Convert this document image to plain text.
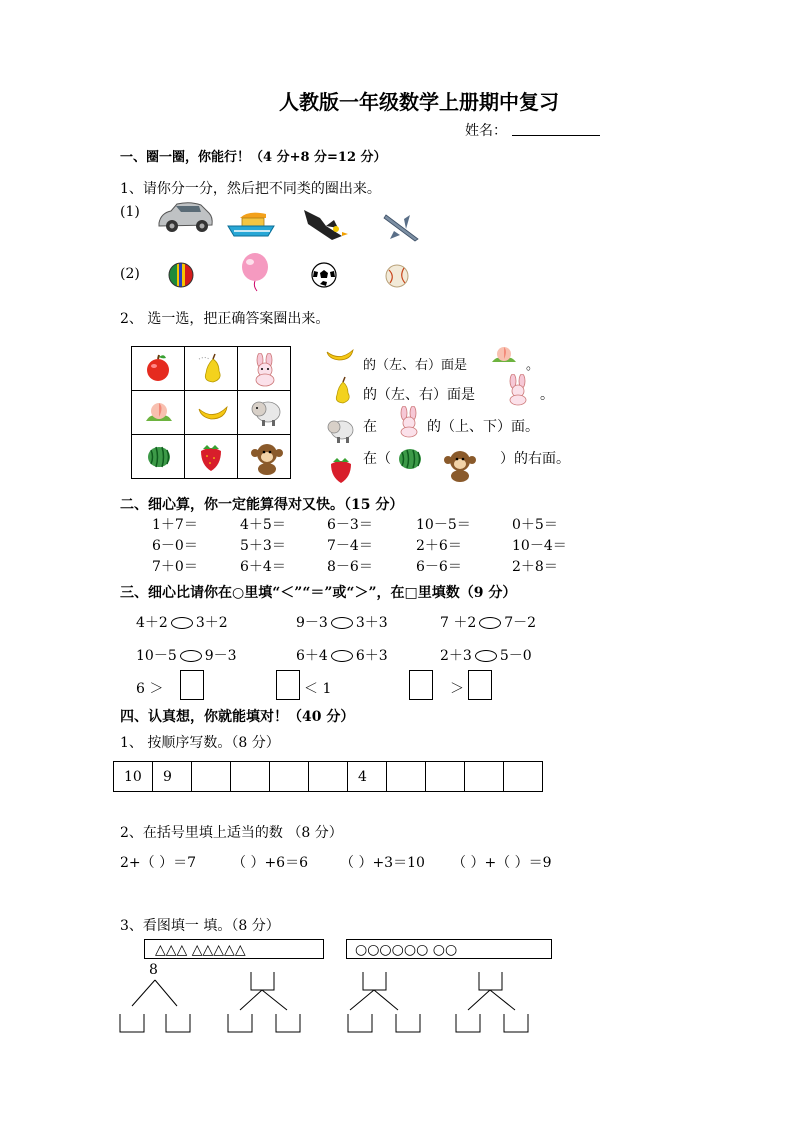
人教版一年级数学上册期中复习
姓名：
一、圈一圈，你能行！（4 分+8 分=12 分）
1、请你分一分，然后把不同类的圈出来。
(1)
(2)
2、 选一选，把正确答案圈出来。

的（左、右）面是	。
的（左、右）面是	。
在	的（上、下）面。
在（	）的右面。
二、细心算，你一定能算得对又快。（15 分）
1＋7＝	4＋5＝	6－3＝	10－5＝	0＋5＝
6－0＝	5＋3＝	7－4＝	2＋6＝	10－4＝
7＋0＝	6＋4＝	8－6＝	6－6＝	2＋8＝
三、细心比请你在○里填“＜”“＝”或“＞”，在□里填数（9 分）
4＋2 3＋2	9－3 3＋3	7 ＋2 7－2
10－5 9－3	6＋4 6＋3	2＋3 5－0
6 ＞	＜ 1	＞
四、认真想，你就能填对！（40 分）
1、 按顺序写数。（8 分）
10	9					4				
2、在括号里填上适当的数 （8 分）
2+（ ）＝7	（ ）+6＝6 （ ）+3＝10 （ ）+（ ）＝9
3、看图填一 填。（8 分）
△△△ △△△△△	○○○○○○ ○○
8
